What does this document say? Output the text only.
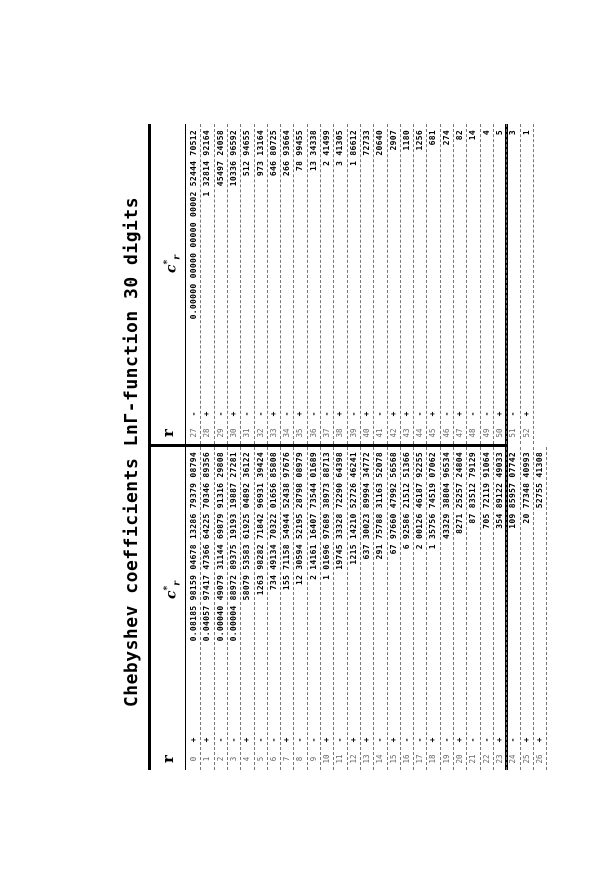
Chebyshev coefficients LnΓ-function 30 digits
r
$c^*_r$
r
$c^*_r$
0
+
0.08185 98159 04678 13286 79379 08794
1
+
0.04057 97417 47366 64225 70346 89356
2
-
0.00040 49079 31144 69879 91316 29808
3
-
0.00004 88972 89375 19193 19887 27281
4
+
58079 53583 61925 04892 36122
5
-
1263 98282 71842 96931 39424
6
-
734 49134 70322 01656 85808
7
+
155 71158 54944 52438 97676
8
-
12 30594 52195 28798 08979
9
-
2 14161 16407 73544 01689
10
+
1 01696 97689 38973 88713
11
-
19745 33328 72290 64398
12
+
1215 14210 52726 46241
13
+
637 30023 89994 34772
14
-
291 75788 31163 52078
15
+
67 97660 47992 56568
16
-
6 92586 21512 51366
17
-
2 00126 46187 92255
18
+
1 35756 74519 07062
19
-
43329 38804 96534
20
+
8271 25257 24804
21
-
87 83512 79129
22
-
705 72119 91064
23
+
354 89122 49033
24
-
109 85957 07742
25
+
20 77348 40993
26
+
52755 41308
27
-
0.00000 00000 00000 00002 52444 70512
28
+
1 32814 92164
29
-
45497 24058
30
+
10336 96592
31
-
512 94655
32
-
973 13164
33
+
646 80725
34
-
266 93664
35
+
78 99455
36
-
13 34338
37
-
2 41499
38
+
3 41305
39
-
1 86612
40
+
72733
41
-
20640
42
+
2907
43
+
1180
44
-
1256
45
+
681
46
-
274
47
+
82
48
-
14
49
-
4
50
+
5
51
-
3
52
+
1
